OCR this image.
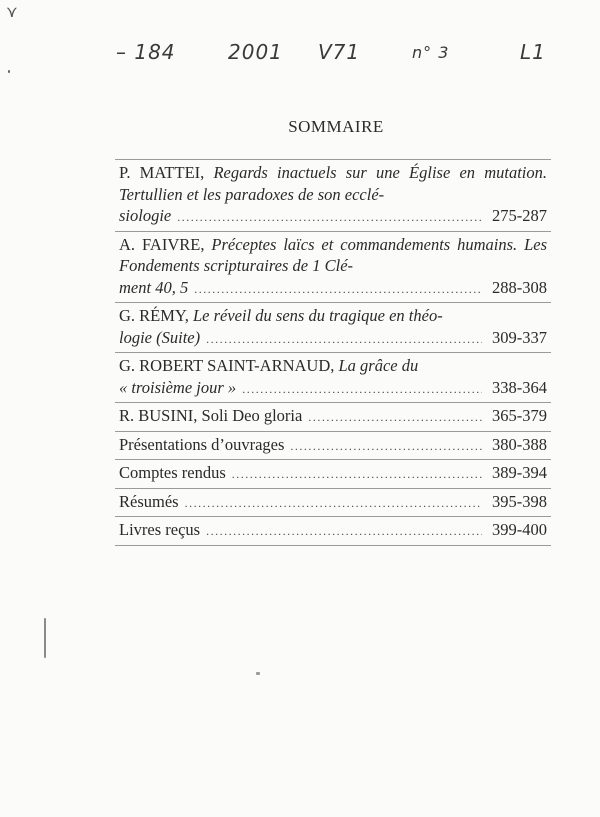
⋎
– 184	2001 V71	n° 3	L1
SOMMAIRE
P. MATTEI, Regards inactuels sur une Église en mutation. Tertullien et les paradoxes de son ecclé-
siologie .....	275-287
A. FAIVRE, Préceptes laïcs et commandements humains. Les Fondements scripturaires de 1 Clé-
ment 40, 5 .....	288-308
G. RÉMY, Le réveil du sens du tragique en théo-
logie (Suite) .....	309-337
G. ROBERT SAINT-ARNAUD, La grâce du
« troisième jour » .....	338-364
R. BUSINI, Soli Deo gloria .....	365-379
Présentations d’ouvrages .....	380-388
Comptes rendus .....	389-394
Résumés .....	395-398
Livres reçus .....	399-400
